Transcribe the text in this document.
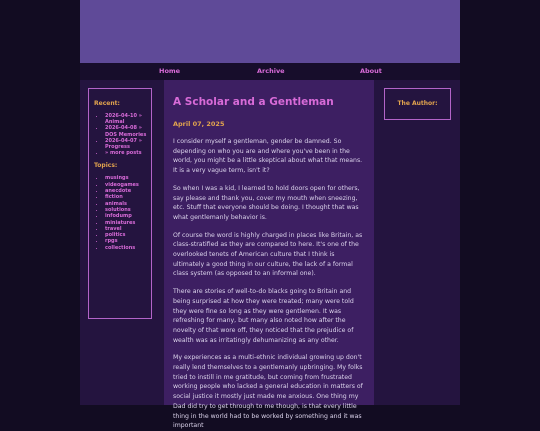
Home	Archive	About
Recent:
• 2026-04-10 » Animal
• 2026-04-08 » DOS Memories
• 2026-04-07 » Progress
• » more posts
Topics:
• musings
• videogames
• anecdote
• fiction
• animals
• solutions
• infodump
• miniatures
• travel
• politics
• rpgs
• collections
A Scholar and a Gentleman
April 07, 2025

I consider myself a gentleman, gender be damned. So depending on who you are and where you've been in the world, you might be a little skeptical about what that means. It is a very vague term, isn't it?

So when I was a kid, I learned to hold doors open for others, say please and thank you, cover my mouth when sneezing, etc. Stuff that everyone should be doing. I thought that was what gentlemanly behavior is.

Of course the word is highly charged in places like Britain, as class-stratified as they are compared to here. It's one of the overlooked tenets of American culture that I think is ultimately a good thing in our culture, the lack of a formal class system (as opposed to an informal one).

There are stories of well-to-do blacks going to Britain and being surprised at how they were treated; many were told they were fine so long as they were gentlemen. It was refreshing for many, but many also noted how after the novelty of that wore off, they noticed that the prejudice of wealth was as irritatingly dehumanizing as any other.

My experiences as a multi-ethnic individual growing up don't really lend themselves to a gentlemanly upbringing. My folks tried to instill in me gratitude, but coming from frustrated working people who lacked a general education in matters of social justice it mostly just made me anxious. One thing my Dad did try to get through to me though, is that every little thing in the world had to be worked by something and it was important

The Author:
